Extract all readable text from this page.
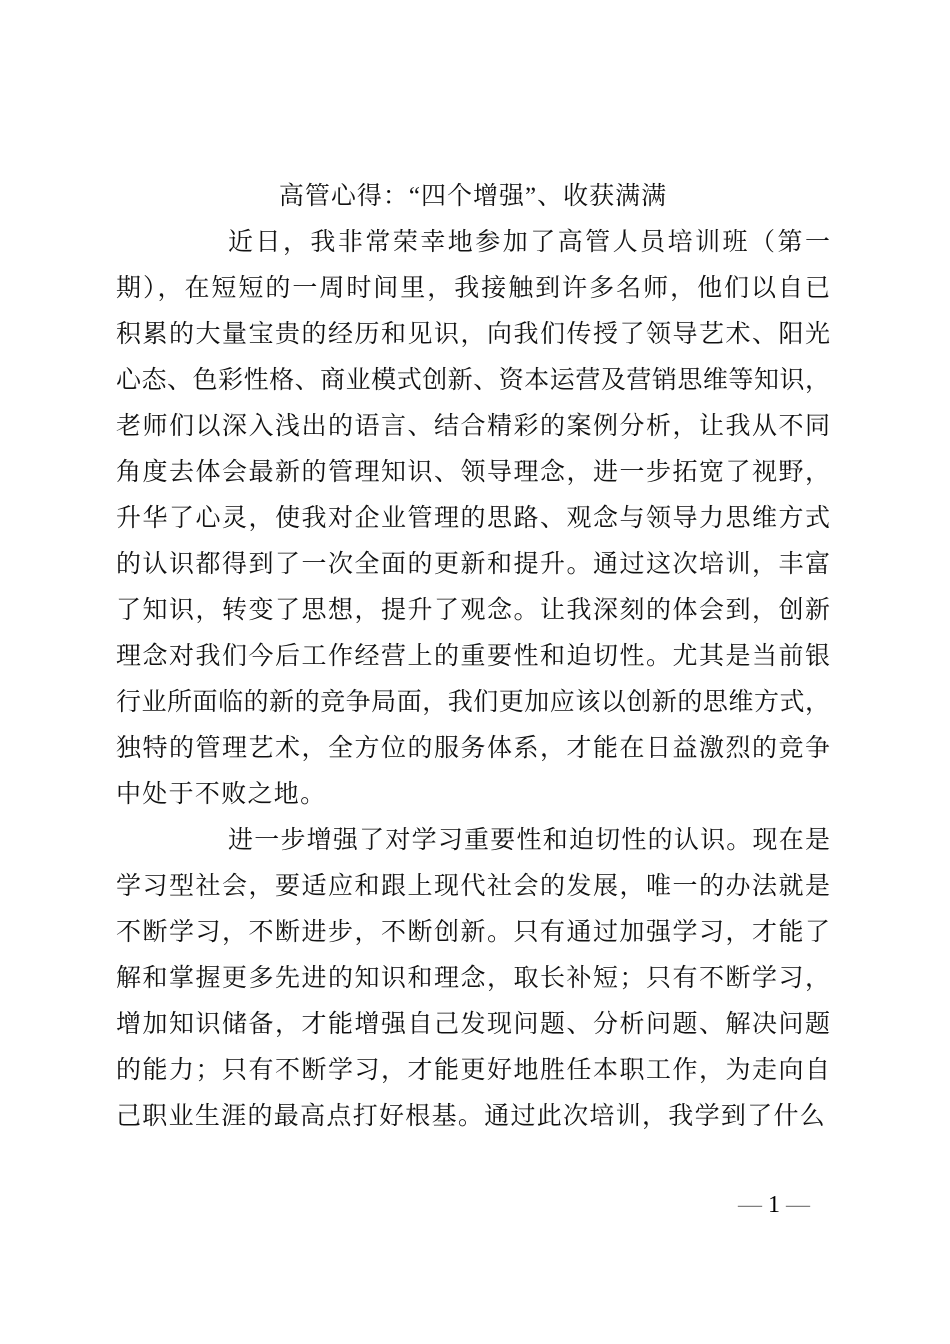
高管心得：“四个增强”、收获满满
近日，我非常荣幸地参加了高管人员培训班（第一
期），在短短的一周时间里，我接触到许多名师，他们以自已
积累的大量宝贵的经历和见识，向我们传授了领导艺术、阳光
心态、色彩性格、商业模式创新、资本运营及营销思维等知识，
老师们以深入浅出的语言、结合精彩的案例分析，让我从不同
角度去体会最新的管理知识、领导理念，进一步拓宽了视野，
升华了心灵，使我对企业管理的思路、观念与领导力思维方式
的认识都得到了一次全面的更新和提升。通过这次培训，丰富
了知识，转变了思想，提升了观念。让我深刻的体会到，创新
理念对我们今后工作经营上的重要性和迫切性。尤其是当前银
行业所面临的新的竞争局面，我们更加应该以创新的思维方式，
独特的管理艺术，全方位的服务体系，才能在日益激烈的竞争
中处于不败之地。
进一步增强了对学习重要性和迫切性的认识。现在是
学习型社会，要适应和跟上现代社会的发展，唯一的办法就是
不断学习，不断进步，不断创新。只有通过加强学习，才能了
解和掌握更多先进的知识和理念，取长补短；只有不断学习，
增加知识储备，才能增强自己发现问题、分析问题、解决问题
的能力；只有不断学习，才能更好地胜任本职工作，为走向自
己职业生涯的最高点打好根基。通过此次培训，我学到了什么
— 1 —
